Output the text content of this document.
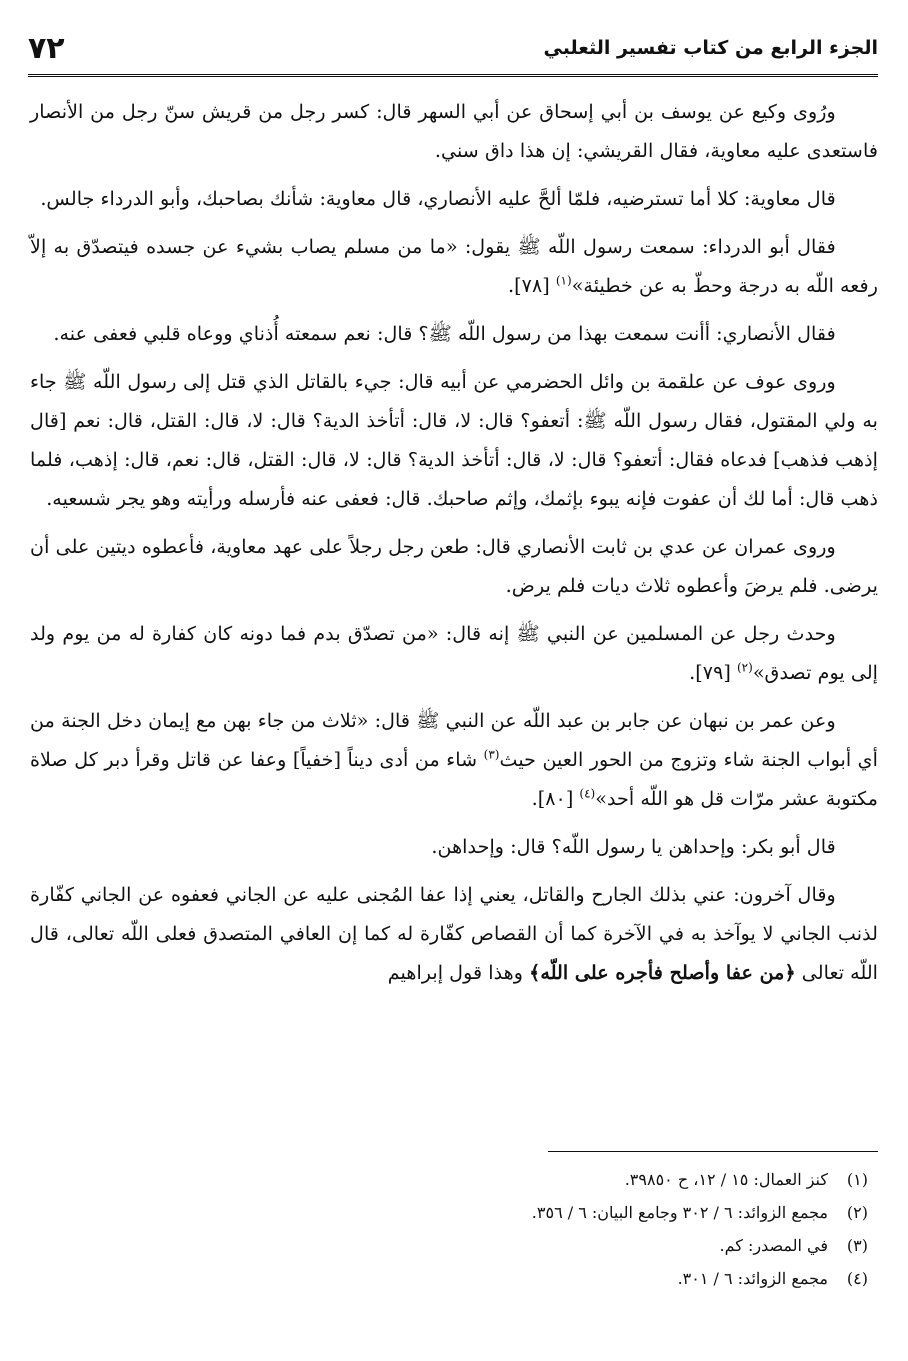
الجزء الرابع من كتاب تفسير الثعلبي
٧٢

ورُوى وكيع عن يوسف بن أبي إسحاق عن أبي السهر قال: كسر رجل من قريش سنّ رجل من الأنصار فاستعدى عليه معاوية، فقال القريشي: إن هذا داق سني.

قال معاوية: كلا أما تسترضيه، فلمّا ألحَّ عليه الأنصاري، قال معاوية: شأنك بصاحبك، وأبو الدرداء جالس.

فقال أبو الدرداء: سمعت رسول اللّه ﷺ يقول: «ما من مسلم يصاب بشيء عن جسده فيتصدّق به إلاّ رفعه اللّه به درجة وحطّ به عن خطيئة»$^{(١)}$ [٧٨].

فقال الأنصاري: أأنت سمعت بهذا من رسول اللّه ﷺ؟ قال: نعم سمعته أُذناي ووعاه قلبي فعفى عنه.

وروى عوف عن علقمة بن وائل الحضرمي عن أبيه قال: جيء بالقاتل الذي قتل إلى رسول اللّه ﷺ جاء به ولي المقتول، فقال رسول اللّه ﷺ: أتعفو؟ قال: لا، قال: أتأخذ الدية؟ قال: لا، قال: القتل، قال: نعم [قال إذهب فذهب] فدعاه فقال: أتعفو؟ قال: لا، قال: أتأخذ الدية؟ قال: لا، قال: القتل، قال: نعم، قال: إذهب، فلما ذهب قال: أما لك أن عفوت فإنه يبوء بإثمك، وإثم صاحبك. قال: فعفى عنه فأرسله ورأيته وهو يجر شسعيه.

وروى عمران عن عدي بن ثابت الأنصاري قال: طعن رجل رجلاً على عهد معاوية، فأعطوه ديتين على أن يرضى. فلم يرضَ وأعطوه ثلاث ديات فلم يرض.

وحدث رجل عن المسلمين عن النبي ﷺ إنه قال: «من تصدّق بدم فما دونه كان كفارة له من يوم ولد إلى يوم تصدق»$^{(٢)}$ [٧٩].

وعن عمر بن نبهان عن جابر بن عبد اللّه عن النبي ﷺ قال: «ثلاث من جاء بهن مع إيمان دخل الجنة من أي أبواب الجنة شاء وتزوج من الحور العين حيث$^{(٣)}$ شاء من أدى ديناً [خفياً] وعفا عن قاتل وقرأ دبر كل صلاة مكتوبة عشر مرّات قل هو اللّه أحد»$^{(٤)}$ [٨٠].

قال أبو بكر: وإحداهن يا رسول اللّه؟ قال: وإحداهن.

وقال آخرون: عني بذلك الجارح والقاتل، يعني إذا عفا المُجنى عليه عن الجاني فعفوه عن الجاني كفّارة لذنب الجاني لا يوآخذ به في الآخرة كما أن القصاص كفّارة له كما إن العافي المتصدق فعلى اللّه تعالى، قال اللّه تعالى ﴿من عفا وأصلح فأجره على اللّه﴾ وهذا قول إبراهيم

(١)
كنز العمال: ١٥ / ١٢، ح ٣٩٨٥٠.
(٢)
مجمع الزوائد: ٦ / ٣٠٢ وجامع البيان: ٦ / ٣٥٦.
(٣)
في المصدر: كم.
(٤)
مجمع الزوائد: ٦ / ٣٠١.
